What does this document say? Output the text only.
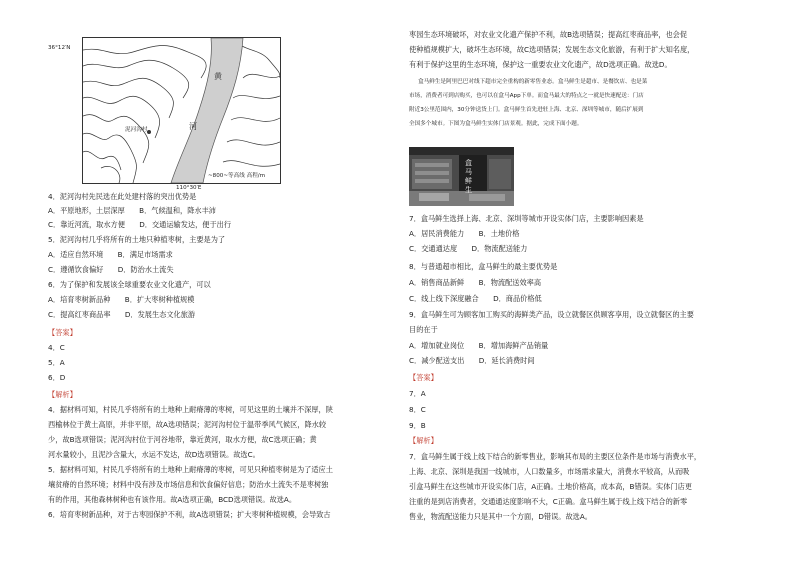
黄
河
泥河沟村
~800~等高线 高程/m
36°12′N
110°30′E
4．泥河沟村先民选在此处建村落的突出优势是
A．平原地形，土层深厚　　B．气候温和，降水丰沛
C．靠近河流，取水方便　　D．交通运输发达，便于出行
5．泥河沟村几乎将所有的土地只种植枣树，主要是为了
A．适应自然环境　　B．满足市场需求
C．遵循饮食偏好　　D．防治水土流失
6．为了保护和发展该全球重要农业文化遗产，可以
A．培育枣树新品种　　B．扩大枣树种植规模
C．提高红枣商品率　　D．发展生态文化旅游
【答案】
4．C
5．A
6．D
【解析】
4．据材料可知，村民几乎将所有的土地种上耐瘠薄的枣树，可见这里的土壤并不深厚，陕
西榆林位于黄土高原，并非平原，故A选项错误；泥河沟村位于温带季风气候区，降水较
少，故B选项错误；泥河沟村位于河谷地带，靠近黄河，取水方便，故C选项正确；黄
河水量较小，且泥沙含量大，水运不发达，故D选项错误。故选C。
5．据材料可知，村民几乎将所有的土地种上耐瘠薄的枣树，可见只种植枣树是为了适应土
壤贫瘠的自然环境；材料中没有涉及市场信息和饮食偏好信息；防治水土流失不是枣树独
有的作用，其他森林树种也有该作用。故A选项正确，BCD选项错误。故选A。
6．培育枣树新品种，对于古枣园保护不利，故A选项错误；扩大枣树种植规模，会导致古
枣园生态环境破坏，对农业文化遗产保护不利，故B选项错误；提高红枣商品率，也会促
使种植规模扩大，破坏生态环境，故C选项错误；发展生态文化旅游，有利于扩大知名度，
有利于保护这里的生态环境，保护这一重要农业文化遗产，故D选项正确。故选D。
盒马鲜生是阿里巴巴对线下超市完全重构的新零售业态。盒马鲜生是超市、是餐饮店、也是菜
市场，消费者可到店购买，也可以在盒马App下单。而盒马最大的特点之一就是快速配送：门店
附近3公里范围内，30分钟送货上门。盒马鲜生首先进驻上海、北京、深圳等城市，随后扩展到
全国多个城市。下图为盒马鲜生实体门店景观。据此，完成下面小题。
盒马鲜生
7．盒马鲜生选择上海、北京、深圳等城市开设实体门店，主要影响因素是
A．居民消费能力　　B．土地价格
C．交通通达度　　D．物流配送能力
8．与普通超市相比，盒马鲜生的最主要优势是
A．销售商品新鲜　　B．物流配送效率高
C．线上线下深度融合　　D．商品价格低
9．盒马鲜生可为顾客加工购买的海鲜类产品，设立就餐区供顾客享用，设立就餐区的主要
目的在于
A．增加就业岗位　　B．增加海鲜产品销量
C．减少配送支出　　D．延长消费时间
【答案】
7．A
8．C
9．B
【解析】
7．盒马鲜生属于线上线下结合的新零售业，影响其布局的主要区位条件是市场与消费水平，
上海、北京、深圳是我国一线城市，人口数量多，市场需求量大，消费水平较高，从而吸
引盒马鲜生在这些城市开设实体门店，A正确。土地价格高，成本高，B错误。实体门店更
注重的是到店消费者，交通通达度影响不大，C正确。盒马鲜生属于线上线下结合的新零
售业，物流配送能力只是其中一个方面，D错误。故选A。
